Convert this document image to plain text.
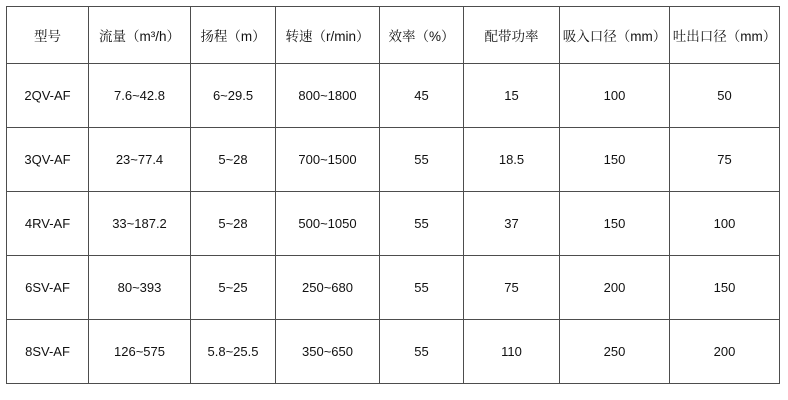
型号	流量（m³/h）	扬程（m）	转速（r/min）	效率（%）	配带功率	吸入口径（mm）	吐出口径（mm）
2QV-AF	7.6~42.8	6~29.5	800~1800	45	15	100	50
3QV-AF	23~77.4	5~28	700~1500	55	18.5	150	75
4RV-AF	33~187.2	5~28	500~1050	55	37	150	100
6SV-AF	80~393	5~25	250~680	55	75	200	150
8SV-AF	126~575	5.8~25.5	350~650	55	110	250	200
